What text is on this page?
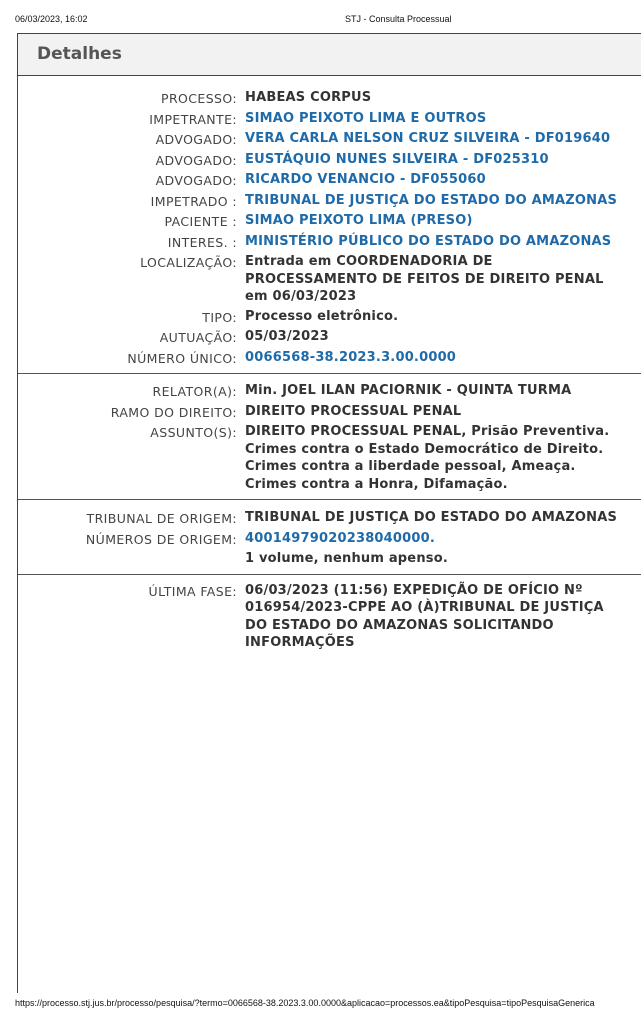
06/03/2023, 16:02	STJ - Consulta Processual
Detalhes
PROCESSO: HABEAS CORPUS
IMPETRANTE: SIMAO PEIXOTO LIMA E OUTROS
ADVOGADO: VERA CARLA NELSON CRUZ SILVEIRA - DF019640
ADVOGADO: EUSTÁQUIO NUNES SILVEIRA - DF025310
ADVOGADO: RICARDO VENANCIO - DF055060
IMPETRADO : TRIBUNAL DE JUSTIÇA DO ESTADO DO AMAZONAS
PACIENTE : SIMAO PEIXOTO LIMA (PRESO)
INTERES. : MINISTÉRIO PÚBLICO DO ESTADO DO AMAZONAS
LOCALIZAÇÃO: Entrada em COORDENADORIA DE PROCESSAMENTO DE FEITOS DE DIREITO PENAL em 06/03/2023
TIPO: Processo eletrônico.
AUTUAÇÃO: 05/03/2023
NÚMERO ÚNICO: 0066568-38.2023.3.00.0000
RELATOR(A): Min. JOEL ILAN PACIORNIK - QUINTA TURMA
RAMO DO DIREITO: DIREITO PROCESSUAL PENAL
ASSUNTO(S): DIREITO PROCESSUAL PENAL, Prisão Preventiva. Crimes contra o Estado Democrático de Direito. Crimes contra a liberdade pessoal, Ameaça. Crimes contra a Honra, Difamação.
TRIBUNAL DE ORIGEM: TRIBUNAL DE JUSTIÇA DO ESTADO DO AMAZONAS
NÚMEROS DE ORIGEM: 40014979020238040000.
1 volume, nenhum apenso.
ÚLTIMA FASE: 06/03/2023 (11:56) EXPEDIÇÃO DE OFÍCIO Nº 016954/2023-CPPE AO (À)TRIBUNAL DE JUSTIÇA DO ESTADO DO AMAZONAS SOLICITANDO INFORMAÇÕES
https://processo.stj.jus.br/processo/pesquisa/?termo=0066568-38.2023.3.00.0000&aplicacao=processos.ea&tipoPesquisa=tipoPesquisaGenerica
